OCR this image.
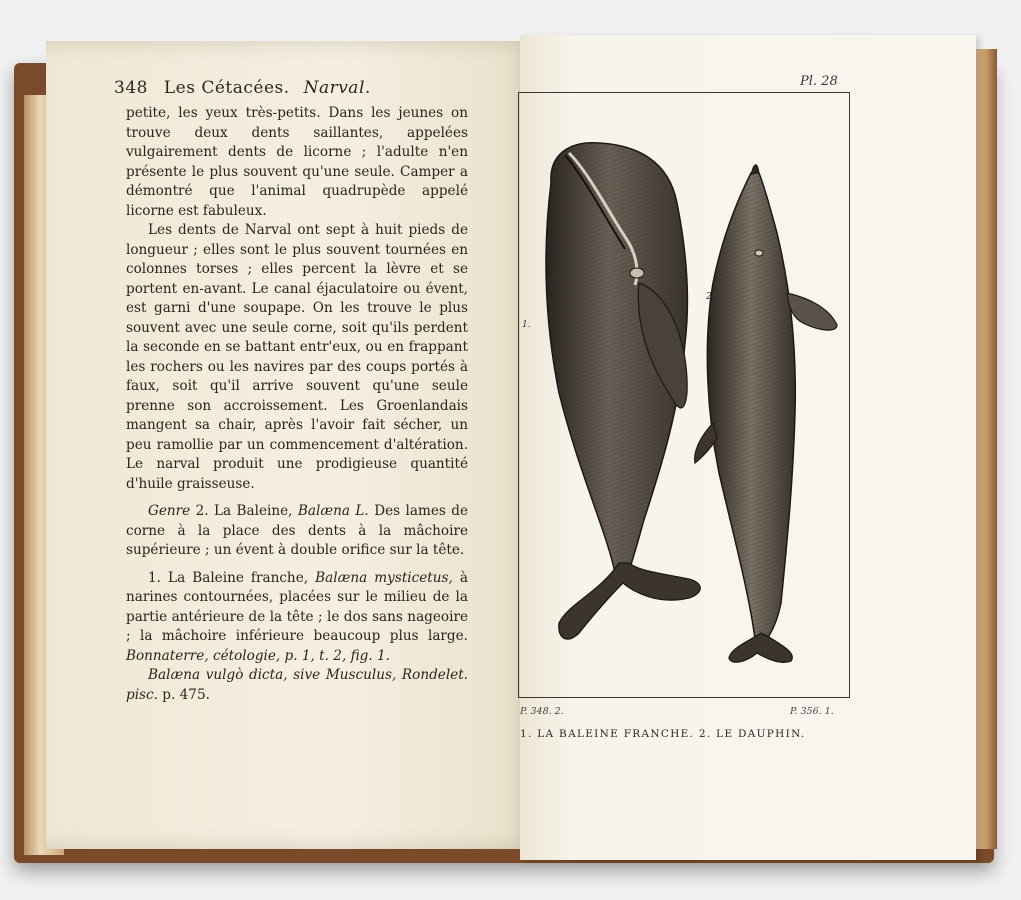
348 Les Cétacées. Narval.

petite, les yeux très-petits. Dans les jeunes on trouve deux dents saillantes, appelées vulgairement dents de licorne ; l'adulte n'en présente le plus souvent qu'une seule. Camper a démontré que l'animal quadrupède appelé licorne est fabuleux.

Les dents de Narval ont sept à huit pieds de longueur ; elles sont le plus souvent tournées en colonnes torses ; elles percent la lèvre et se portent en-avant. Le canal éjaculatoire ou évent, est garni d'une soupape. On les trouve le plus souvent avec une seule corne, soit qu'ils perdent la seconde en se battant entr'eux, ou en frappant les rochers ou les navires par des coups portés à faux, soit qu'il arrive souvent qu'une seule prenne son accroissement. Les Groenlandais mangent sa chair, après l'avoir fait sécher, un peu ramollie par un commencement d'altération. Le narval produit une prodigieuse quantité d'huile graisseuse.

Genre 2. La Baleine, Balæna L. Des lames de corne à la place des dents à la mâchoire supérieure ; un évent à double orifice sur la tête.

1. La Baleine franche, Balæna mysticetus, à narines contournées, placées sur le milieu de la partie antérieure de la tête ; le dos sans nageoire ; la mâchoire inférieure beaucoup plus large. Bonnaterre, cétologie, p. 1, t. 2, fig. 1.

Balæna vulgò dicta, sive Musculus, Rondelet. pisc. p. 475.

Pl. 28
1.
2.
P. 348. 2.	P. 356. 1.
1. LA BALEINE FRANCHE. 2. LE DAUPHIN.
